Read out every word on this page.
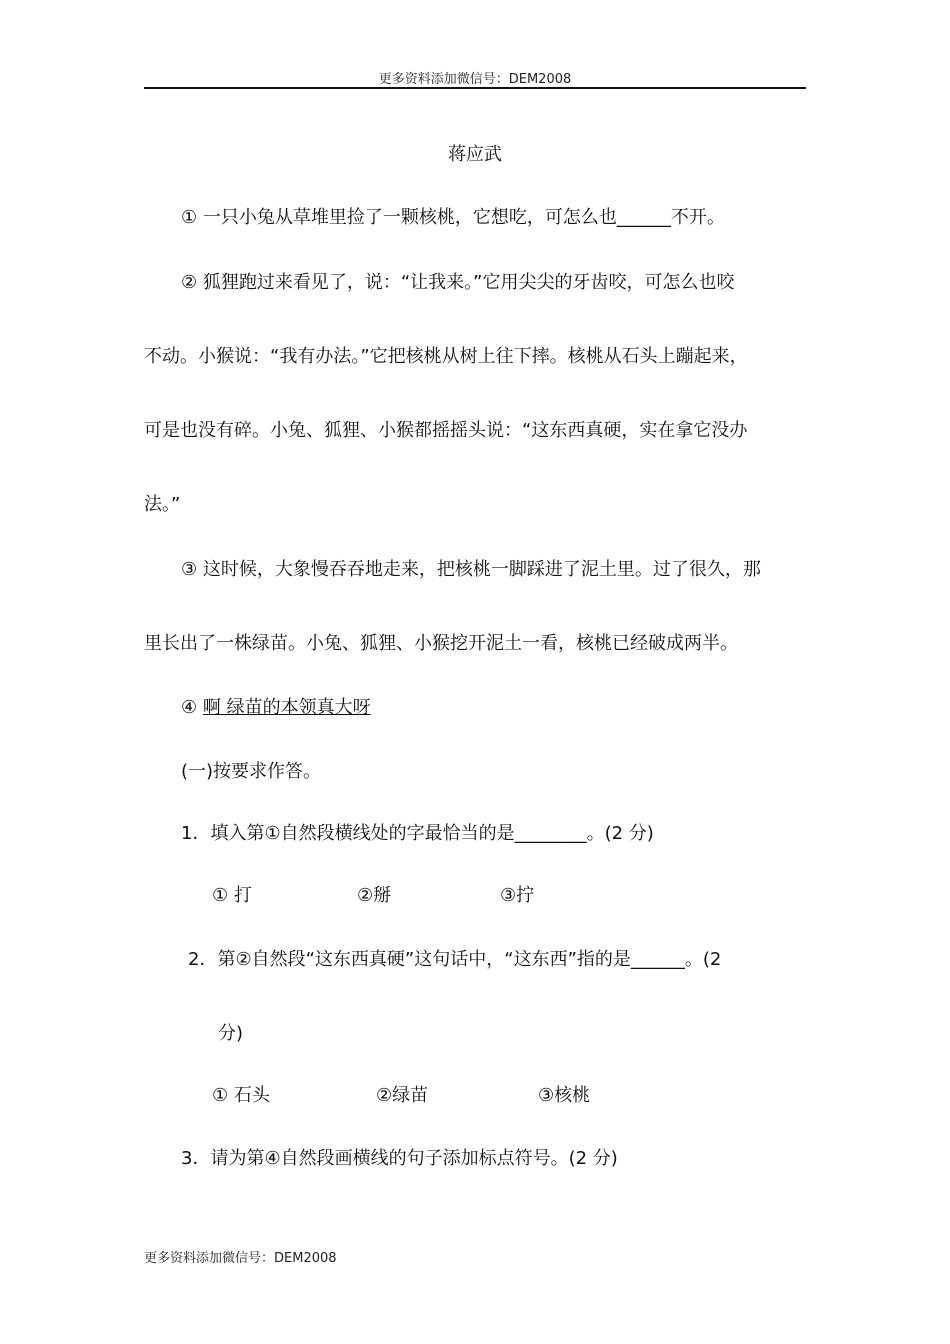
更多资料添加微信号：DEM2008
蒋应武
① 一只小兔从草堆里捡了一颗核桃，它想吃，可怎么也______不开。
② 狐狸跑过来看见了，说：“让我来。”它用尖尖的牙齿咬，可怎么也咬
不动。小猴说：“我有办法。”它把核桃从树上往下摔。核桃从石头上蹦起来，
可是也没有碎。小兔、狐狸、小猴都摇摇头说：“这东西真硬，实在拿它没办
法。”
③ 这时候，大象慢吞吞地走来，把核桃一脚踩进了泥土里。过了很久，那
里长出了一株绿苗。小兔、狐狸、小猴挖开泥土一看，核桃已经破成两半。
④ 啊 绿苗的本领真大呀
(一)按要求作答。
1．填入第①自然段横线处的字最恰当的是________。(2 分)
① 打	②掰	③拧
2．第②自然段“这东西真硬”这句话中，“这东西”指的是______。(2
分)
① 石头	②绿苗	③核桃
3．请为第④自然段画横线的句子添加标点符号。(2 分)
更多资料添加微信号：DEM2008
